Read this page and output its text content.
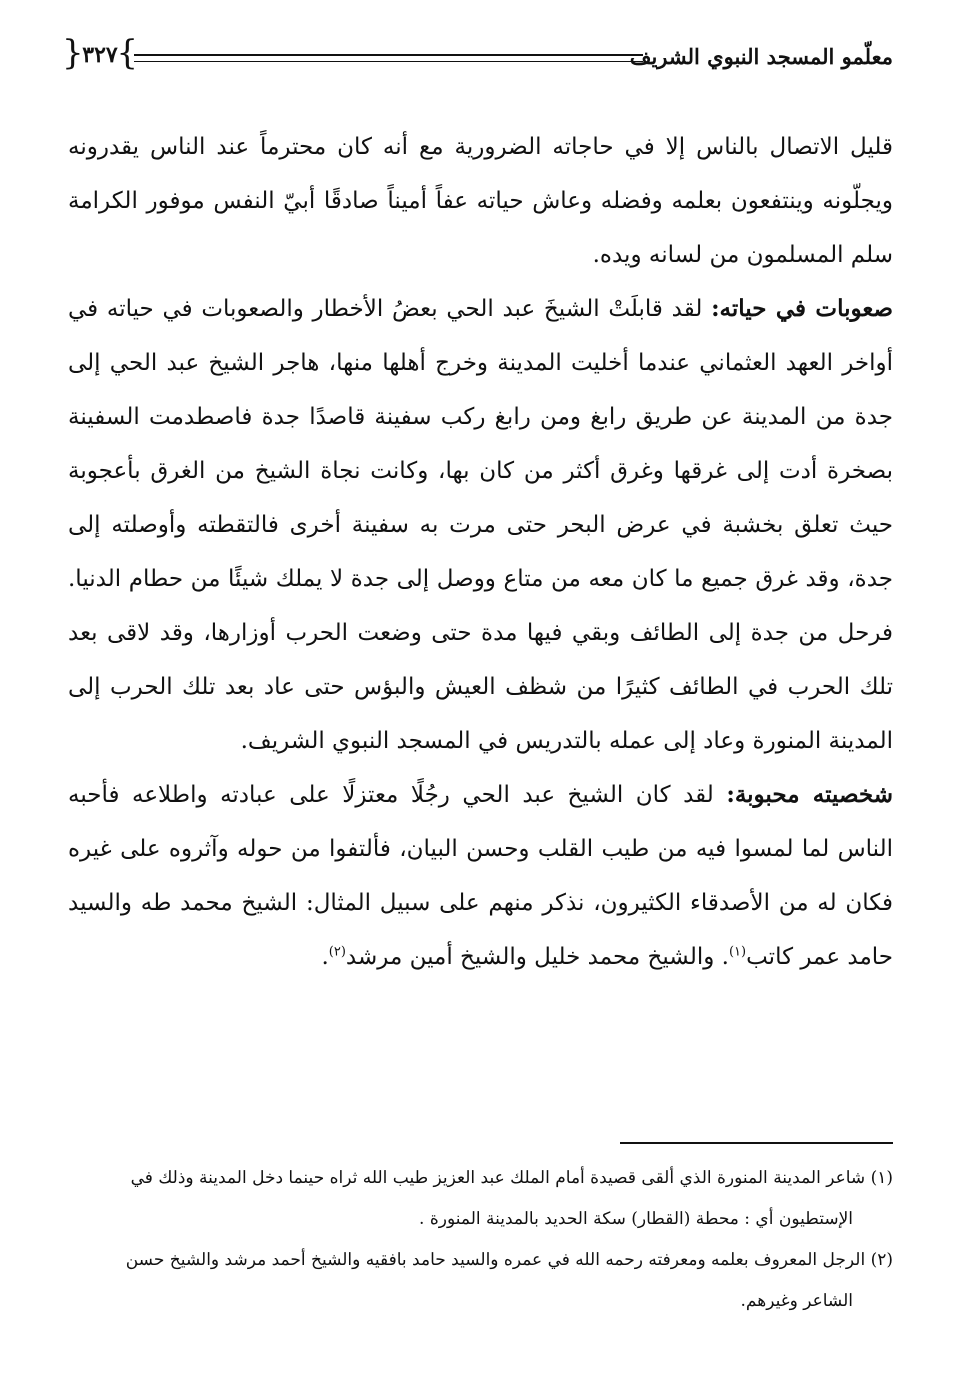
معلّمو المسجد النبوي الشريف
{ ٣٢٧ }

قليل الاتصال بالناس إلا في حاجاته الضرورية مع أنه كان محترماً عند الناس يقدرونه ويجلّونه وينتفعون بعلمه وفضله وعاش حياته عفاً أميناً صادقًا أبيّ النفس موفور الكرامة سلم المسلمون من لسانه ويده.

صعوبات في حياته: لقد قابلَتْ الشيخَ عبد الحي بعضُ الأخطار والصعوبات في حياته في أواخر العهد العثماني عندما أخليت المدينة وخرج أهلها منها، هاجر الشيخ عبد الحي إلى جدة من المدينة عن طريق رابغ ومن رابغ ركب سفينة قاصدًا جدة فاصطدمت السفينة بصخرة أدت إلى غرقها وغرق أكثر من كان بها، وكانت نجاة الشيخ من الغرق بأعجوبة حيث تعلق بخشبة في عرض البحر حتى مرت به سفينة أخرى فالتقطته وأوصلته إلى جدة، وقد غرق جميع ما كان معه من متاع ووصل إلى جدة لا يملك شيئًا من حطام الدنيا. فرحل من جدة إلى الطائف وبقي فيها مدة حتى وضعت الحرب أوزارها، وقد لاقى بعد تلك الحرب في الطائف كثيرًا من شظف العيش والبؤس حتى عاد بعد تلك الحرب إلى المدينة المنورة وعاد إلى عمله بالتدريس في المسجد النبوي الشريف.

شخصيته محبوبة: لقد كان الشيخ عبد الحي رجُلًا معتزلًا على عبادته واطلاعه فأحبه الناس لما لمسوا فيه من طيب القلب وحسن البيان، فألتفوا من حوله وآثروه على غيره فكان له من الأصدقاء الكثيرون، نذكر منهم على سبيل المثال: الشيخ محمد طه والسيد حامد عمر كاتب$^{(١)}$. والشيخ محمد خليل والشيخ أمين مرشد$^{(٢)}$.

(١) شاعر المدينة المنورة الذي ألقى قصيدة أمام الملك عبد العزيز طيب الله ثراه حينما دخل المدينة وذلك في

الإستطيون أي : محطة (القطار) سكة الحديد بالمدينة المنورة .

(٢) الرجل المعروف بعلمه ومعرفته رحمه الله في عمره والسيد حامد بافقيه والشيخ أحمد مرشد والشيخ حسن

الشاعر وغيرهم.
